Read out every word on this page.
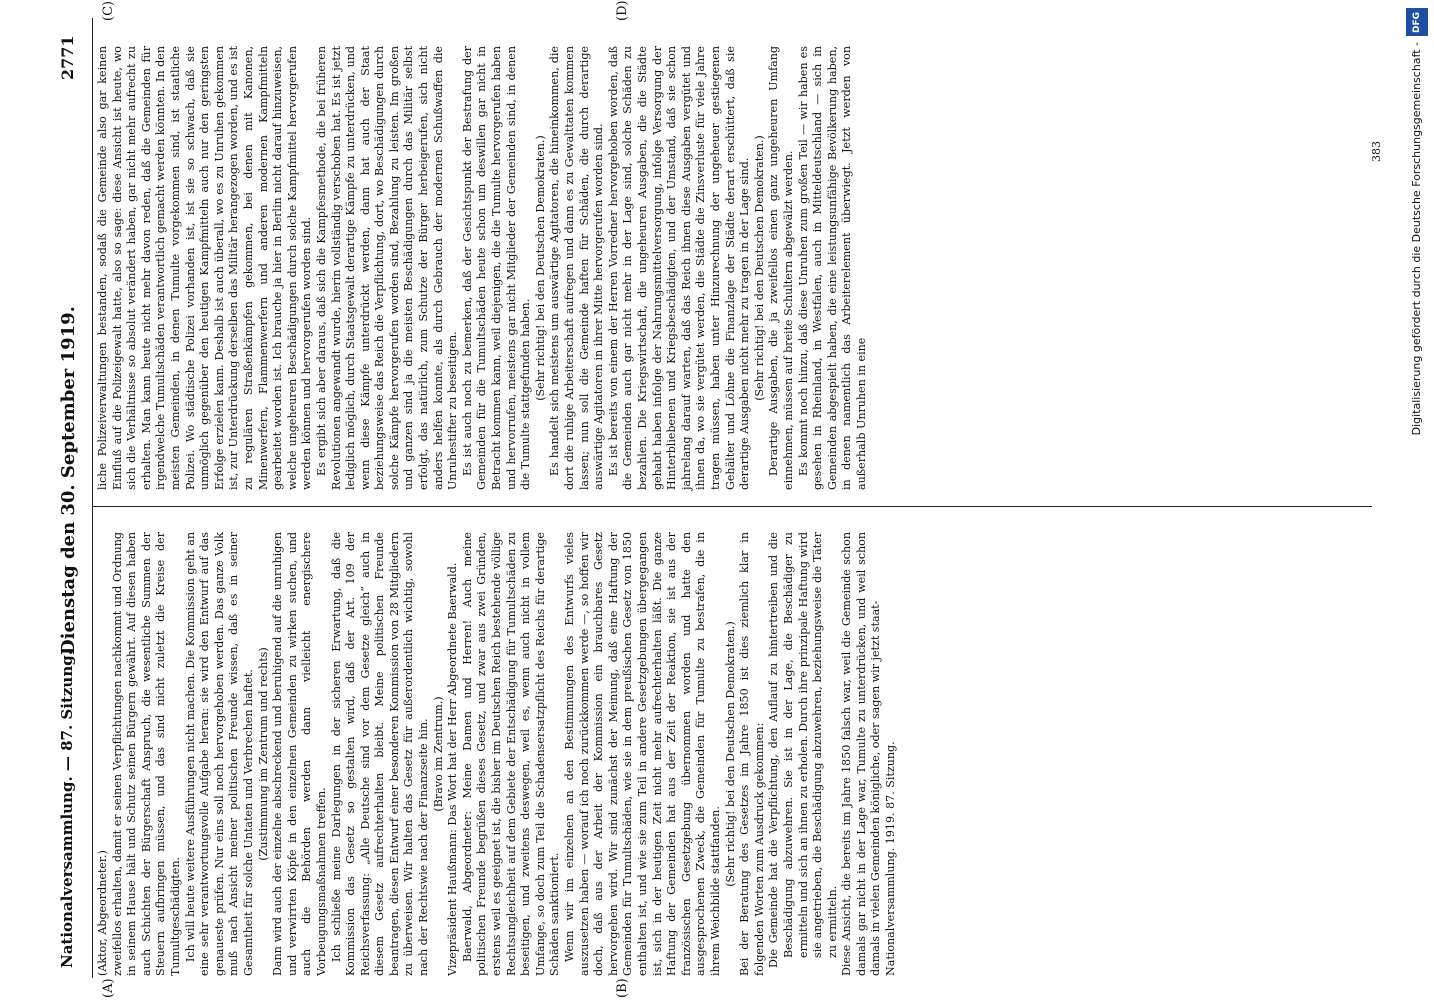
Nationalversammlung. — 87. Sitzung.
Dienstag den 30. September 1919.
2771
(A)	(B)
(C)	(D)

(Aktor, Abgeordneter.) zweifellos erhalten, damit er seinen Verpflichtungen nachkommt und Ordnung in seinem Hause hält und Schutz seinen Bürgern gewährt. Auf diesen haben auch Schichten der Bürgerschaft Anspruch, die wesentliche Summen der Steuern aufbringen müssen, und das sind nicht zuletzt die Kreise der Tumultgeschädigten. Ich will heute weitere Ausführungen nicht machen. Die Kommission geht an eine sehr verantwortungsvolle Aufgabe heran: sie wird den Entwurf auf das genaueste prüfen. Nur eins soll noch hervorgehoben werden. Das ganze Volk muß nach Ansicht meiner politischen Freunde wissen, daß es in seiner Gesamtheit für solche Untaten und Verbrechen haftet. (Zustimmung im Zentrum und rechts) Dann wird auch der einzelne abschreckend und beruhigend auf die unruhigen und verwirrten Köpfe in den einzelnen Gemeinden zu wirken suchen, und auch die Behörden werden dann vielleicht energischere Vorbeugungsmaßnahmen treffen. Ich schließe meine Darlegungen in der sicheren Erwartung, daß die Kommission das Gesetz so gestalten wird, daß der Art. 109 der Reichsverfassung: „Alle Deutsche sind vor dem Gesetze gleich“ auch in diesem Gesetz aufrechterhalten bleibt. Meine politischen Freunde beantragen, diesen Entwurf einer besonderen Kommission von 28 Mitgliedern zu überweisen. Wir halten das Gesetz für außerordentlich wichtig, sowohl nach der Rechtswie nach der Finanzseite hin. (Bravo im Zentrum.) Vizepräsident Haußmann: Das Wort hat der Herr Abgeordnete Baerwald. Baerwald, Abgeordneter: Meine Damen und Herren! Auch meine politischen Freunde begrüßen dieses Gesetz, und zwar aus zwei Gründen, erstens weil es geeignet ist, die bisher im Deutschen Reich bestehende völlige Rechtsungleichheit auf dem Gebiete der Entschädigung für Tumultschäden zu beseitigen, und zweitens deswegen, weil es, wenn auch nicht in vollem Umfange, so doch zum Teil die Schadensersatzpflicht des Reichs für derartige Schäden sanktioniert. Wenn wir im einzelnen an den Bestimmungen des Entwurfs vieles auszusetzen haben — worauf ich noch zurückkommen werde —, so hoffen wir doch, daß aus der Arbeit der Kommission ein brauchbares Gesetz hervorgehen wird. Wir sind zunächst der Meinung, daß eine Haftung der Gemeinden für Tumultschäden, wie sie in dem preußischen Gesetz von 1850 enthalten ist, und wie sie zum Teil in andere Gesetzgebungen übergegangen ist, sich in der heutigen Zeit nicht mehr aufrechterhalten läßt. Die ganze Haftung der Gemeinden hat aus der Zeit der Reaktion, sie ist aus der französischen Gesetzgebung übernommen worden und hatte den ausgesprochenen Zweck, die Gemeinden für Tumulte zu bestrafen, die in ihrem Weichbilde stattfanden.

(Sehr richtig! bei den Deutschen Demokraten.) Bei der Beratung des Gesetzes im Jahre 1850 ist dies ziemlich klar in folgenden Worten zum Ausdruck gekommen: Die Gemeinde hat die Verpflichtung, den Auflauf zu hintertreiben und die Beschädigung abzuwehren. Sie ist in der Lage, die Beschädiger zu ermitteln und sich an ihnen zu erholen. Durch ihre prinzipale Haftung wird sie angetrieben, die Beschädigung abzuwehren, beziehungsweise die Täter zu ermitteln. Diese Ansicht, die bereits im Jahre 1850 falsch war, weil die Gemeinde schon damals gar nicht in der Lage war, Tumulte zu unterdrücken, und weil schon damals in vielen Gemeinden königliche, oder sagen wir jetzt staat- Nationalversammlung. 1919. 87. Sitzung.

liche Polizeiverwaltungen bestanden, sodaß die Gemeinde also gar keinen Einfluß auf die Polizeigewalt hatte, also so sage: diese Ansicht ist heute, wo sich die Verhältnisse so absolut verändert haben, gar nicht mehr aufrecht zu erhalten. Man kann heute nicht mehr davon reden, daß die Gemeinden für irgendwelche Tumultschäden verantwortlich gemacht werden könnten. In den meisten Gemeinden, in denen Tumulte vorgekommen sind, ist staatliche Polizei. Wo städtische Polizei vorhanden ist, ist sie so schwach, daß sie unmöglich gegenüber den heutigen Kampfmitteln auch nur den geringsten Erfolge erzielen kann. Deshalb ist auch überall, wo es zu Unruhen gekommen ist, zur Unterdrückung derselben das Militär herangezogen worden, und es ist zu regulären Straßenkämpfen gekommen, bei denen mit Kanonen, Minenwerfern, Flammenwerfern und anderen modernen Kampfmitteln gearbeitet worden ist. Ich brauche ja hier in Berlin nicht darauf hinzuweisen, welche ungeheuren Beschädigungen durch solche Kampfmittel hervorgerufen werden können und hervorgerufen worden sind. Es ergibt sich aber daraus, daß sich die Kampfesmethode, die bei früheren Revolutionen angewandt wurde, hierin vollständig verschoben hat. Es ist jetzt lediglich möglich, durch Staatsgewalt derartige Kämpfe zu unterdrücken, und wenn diese Kämpfe unterdrückt werden, dann hat auch der Staat beziehungsweise das Reich die Verpflichtung, dort, wo Beschädigungen durch solche Kämpfe hervorgerufen worden sind, Bezahlung zu leisten. Im großen und ganzen sind ja die meisten Beschädigungen durch das Militär selbst erfolgt, das natürlich, zum Schutze der Bürger herbeigerufen, sich nicht anders helfen konnte, als durch Gebrauch der modernen Schußwaffen die Unruhestifter zu beseitigen. Es ist auch noch zu bemerken, daß der Gesichtspunkt der Bestrafung der Gemeinden für die Tumultschäden heute schon um deswillen gar nicht in Betracht kommen kann, weil diejenigen, die die Tumulte hervorgerufen haben und hervorrufen, meistens gar nicht Mitglieder der Gemeinden sind, in denen die Tumulte stattgefunden haben. (Sehr richtig! bei den Deutschen Demokraten.) Es handelt sich meistens um auswärtige Agitatoren, die hineinkommen, die dort die ruhige Arbeiterschaft aufregen und dann es zu Gewalttaten kommen lassen; nun soll die Gemeinde haften für Schäden, die durch derartige auswärtige Agitatoren in ihrer Mitte hervorgerufen worden sind. Es ist bereits von einem der Herren Vorredner hervorgehoben worden, daß die Gemeinden auch gar nicht mehr in der Lage sind, solche Schäden zu bezahlen. Die Kriegswirtschaft, die ungeheuren Ausgaben, die die Städte gehabt haben infolge der Nahrungsmittelversorgung, infolge Versorgung der Hinterbliebenen und Kriegsbeschädigten, und der Umstand, daß sie schon jahrelang darauf warten, daß das Reich ihnen diese Ausgaben vergütet und ihnen da, wo sie vergütet werden, die Städte die Zinsverluste für viele Jahre tragen müssen, haben unter Hinzurechnung der ungeheuer gestiegenen Gehälter und Löhne die Finanzlage der Städte derart erschüttert, daß sie derartige Ausgaben nicht mehr zu tragen in der Lage sind. (Sehr richtig! bei den Deutschen Demokraten.) Derartige Ausgaben, die ja zweifellos einen ganz ungeheuren Umfang einnehmen, müssen auf breite Schultern abgewälzt werden. Es kommt noch hinzu, daß diese Unruhen zum großen Teil — wir haben es gesehen in Rheinland, in Westfalen, auch in Mitteldeutschland — sich in Gemeinden abgespielt haben, die eine leistungsunfähige Bevölkerung haben, in denen namentlich das Arbeiterelement überwiegt. Jetzt werden von außerhalb Unruhen in eine

383
DFG
Digitalisierung gefördert durch die Deutsche Forschungsgemeinschaft -
